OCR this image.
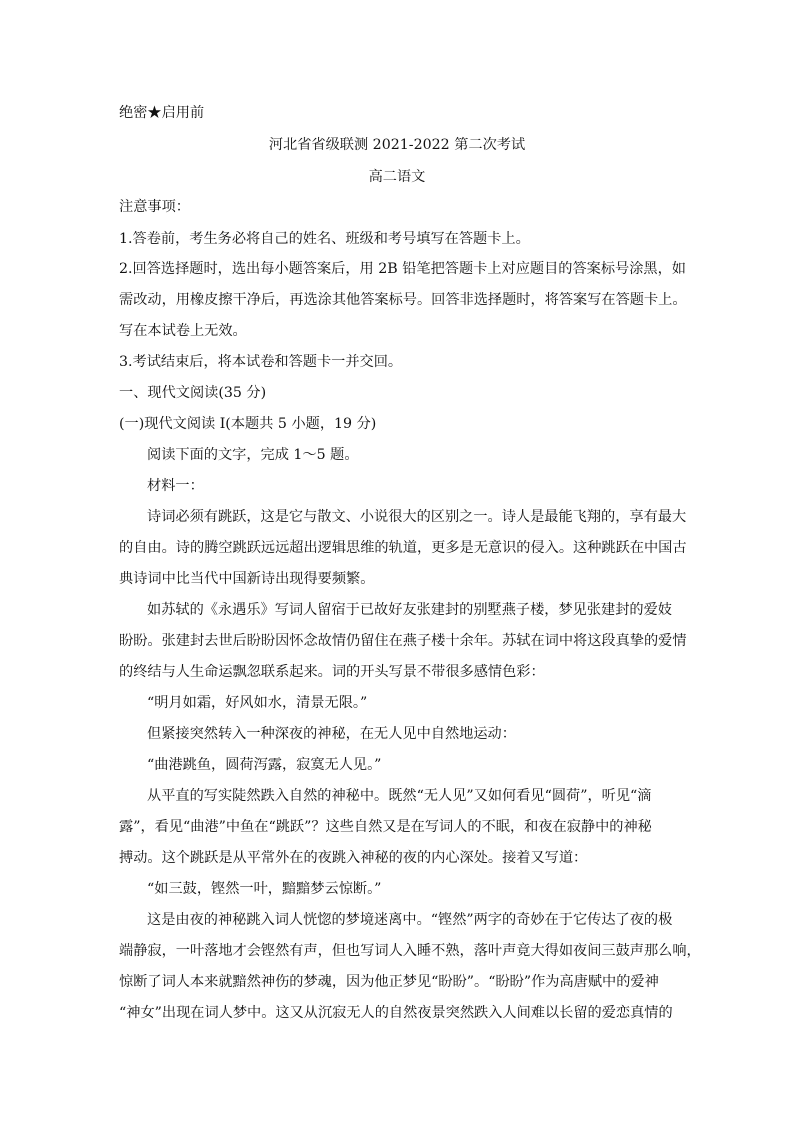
绝密★启用前
河北省省级联测 2021-2022 第二次考试
高二语文
注意事项：
1.答卷前，考生务必将自己的姓名、班级和考号填写在答题卡上。
2.回答选择题时，选出每小题答案后，用 2B 铅笔把答题卡上对应题目的答案标号涂黑，如
需改动，用橡皮擦干净后，再选涂其他答案标号。回答非选择题时，将答案写在答题卡上。
写在本试卷上无效。
3.考试结束后，将本试卷和答题卡一并交回。
一、现代文阅读(35 分)
(一)现代文阅读 I(本题共 5 小题，19 分)
阅读下面的文字，完成 1～5 题。
材料一：
诗词必须有跳跃，这是它与散文、小说很大的区别之一。诗人是最能飞翔的，享有最大
的自由。诗的腾空跳跃远远超出逻辑思维的轨道，更多是无意识的侵入。这种跳跃在中国古
典诗词中比当代中国新诗出现得要频繁。
如苏轼的《永遇乐》写词人留宿于已故好友张建封的别墅燕子楼，梦见张建封的爱妓
盼盼。张建封去世后盼盼因怀念故情仍留住在燕子楼十余年。苏轼在词中将这段真挚的爱情
的终结与人生命运飘忽联系起来。词的开头写景不带很多感情色彩：
“明月如霜，好风如水，清景无限。”
但紧接突然转入一种深夜的神秘，在无人见中自然地运动：
“曲港跳鱼，圆荷泻露，寂寞无人见。”
从平直的写实陡然跌入自然的神秘中。既然“无人见”又如何看见“圆荷”，听见“滴
露”，看见“曲港”中鱼在“跳跃”？这些自然又是在写词人的不眠，和夜在寂静中的神秘
搏动。这个跳跃是从平常外在的夜跳入神秘的夜的内心深处。接着又写道：
“如三鼓，铿然一叶，黯黯梦云惊断。”
这是由夜的神秘跳入词人恍惚的梦境迷离中。“铿然”两字的奇妙在于它传达了夜的极
端静寂，一叶落地才会铿然有声，但也写词人入睡不熟，落叶声竟大得如夜间三鼓声那么响，
惊断了词人本来就黯然神伤的梦魂，因为他正梦见“盼盼”。“盼盼”作为高唐赋中的爱神
“神女”出现在词人梦中。这又从沉寂无人的自然夜景突然跌入人间难以长留的爱恋真情的
